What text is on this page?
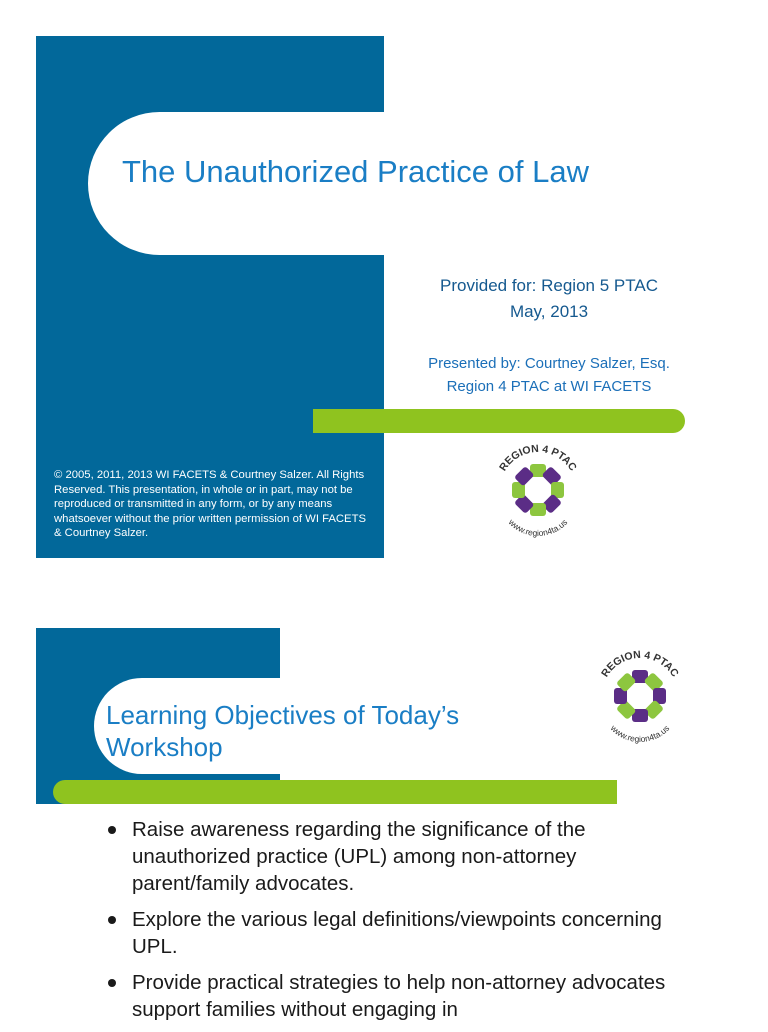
The Unauthorized Practice of Law
Provided for: Region 5 PTAC
May, 2013
Presented by: Courtney Salzer, Esq.
Region 4 PTAC at WI FACETS
© 2005, 2011, 2013 WI FACETS & Courtney Salzer. All Rights Reserved. This presentation, in whole or in part, may not be reproduced or transmitted in any form, or by any means whatsoever without the prior written permission of WI FACETS & Courtney Salzer.
REGION 4 PTAC
www.region4ta.us
Learning Objectives of Today’s
Workshop
REGION 4 PTAC
www.region4ta.us
Raise awareness regarding the significance of the unauthorized practice (UPL) among non-attorney parent/family advocates.
Explore the various legal definitions/viewpoints concerning UPL.
Provide practical strategies to help non-attorney advocates support families without engaging in
